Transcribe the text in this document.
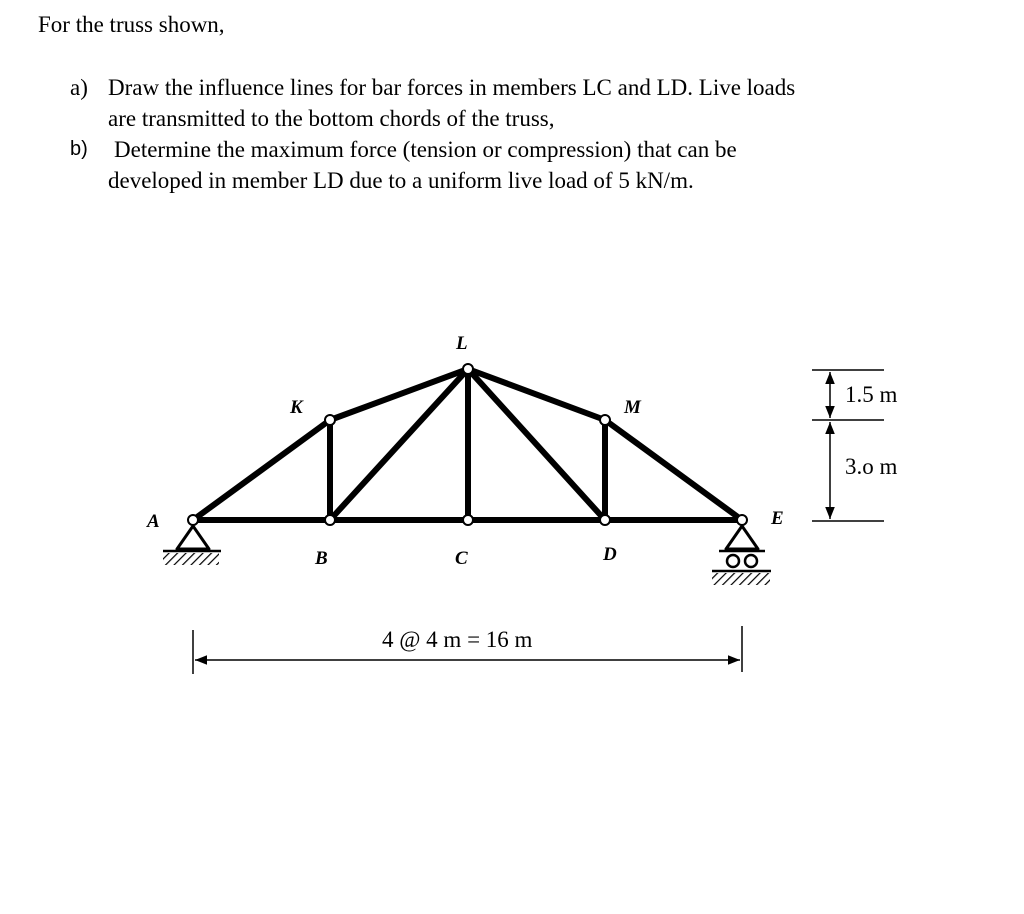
For the truss shown,
a) Draw the influence lines for bar forces in members LC and LD. Live loads
are transmitted to the bottom chords of the truss,
b) Determine the maximum force (tension or compression) that can be
developed in member LD due to a uniform live load of 5 kN/m.
A
B	C	D
E
K
L
M
4 @ 4 m = 16 m
1.5 m
3.o m
